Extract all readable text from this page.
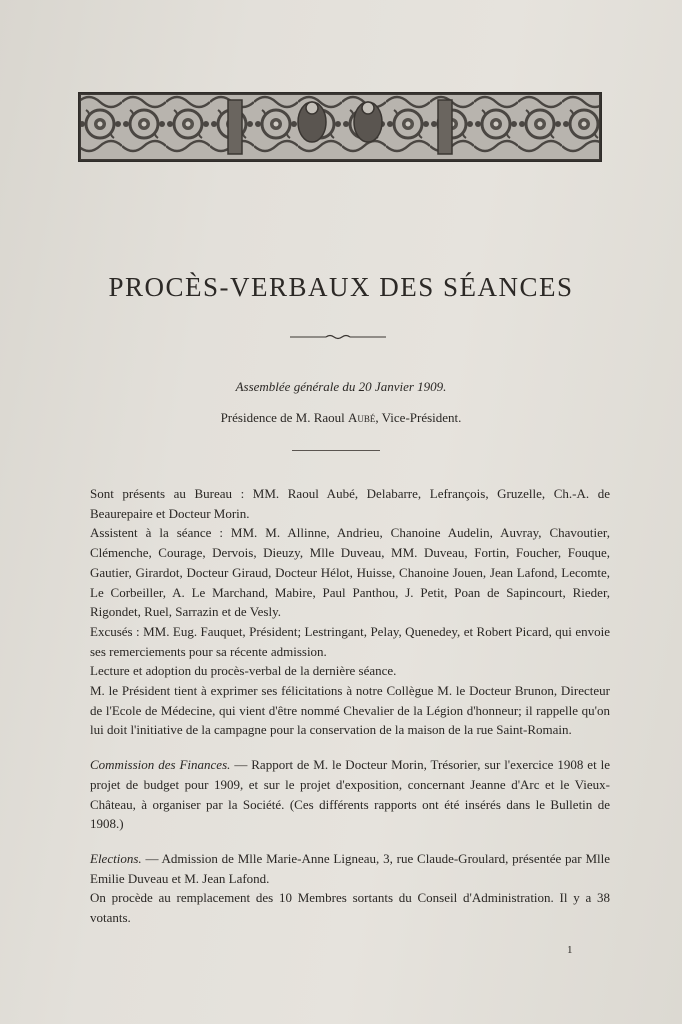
PROCÈS-VERBAUX DES SÉANCES
Assemblée générale du 20 Janvier 1909.
Présidence de M. Raoul Aubé, Vice-Président.

Sont présents au Bureau : MM. Raoul Aubé, Delabarre, Lefrançois, Gruzelle, Ch.-A. de Beaurepaire et Docteur Morin.

Assistent à la séance : MM. M. Allinne, Andrieu, Chanoine Audelin, Auvray, Chavoutier, Clémenche, Courage, Dervois, Dieuzy, Mlle Duveau, MM. Duveau, Fortin, Foucher, Fouque, Gautier, Girardot, Docteur Giraud, Docteur Hélot, Huisse, Chanoine Jouen, Jean Lafond, Lecomte, Le Corbeiller, A. Le Marchand, Mabire, Paul Panthou, J. Petit, Poan de Sapincourt, Rieder, Rigondet, Ruel, Sarrazin et de Vesly.

Excusés : MM. Eug. Fauquet, Président; Lestringant, Pelay, Quenedey, et Robert Picard, qui envoie ses remerciements pour sa récente admission.

Lecture et adoption du procès-verbal de la dernière séance.

M. le Président tient à exprimer ses félicitations à notre Collègue M. le Docteur Brunon, Directeur de l'Ecole de Médecine, qui vient d'être nommé Chevalier de la Légion d'honneur; il rappelle qu'on lui doit l'initiative de la campagne pour la conservation de la maison de la rue Saint-Romain.

Commission des Finances. — Rapport de M. le Docteur Morin, Trésorier, sur l'exercice 1908 et le projet de budget pour 1909, et sur le projet d'exposition, concernant Jeanne d'Arc et le Vieux-Château, à organiser par la Société. (Ces différents rapports ont été insérés dans le Bulletin de 1908.)

Elections. — Admission de Mlle Marie-Anne Ligneau, 3, rue Claude-Groulard, présentée par Mlle Emilie Duveau et M. Jean Lafond.

On procède au remplacement des 10 Membres sortants du Conseil d'Administration. Il y a 38 votants.

1
